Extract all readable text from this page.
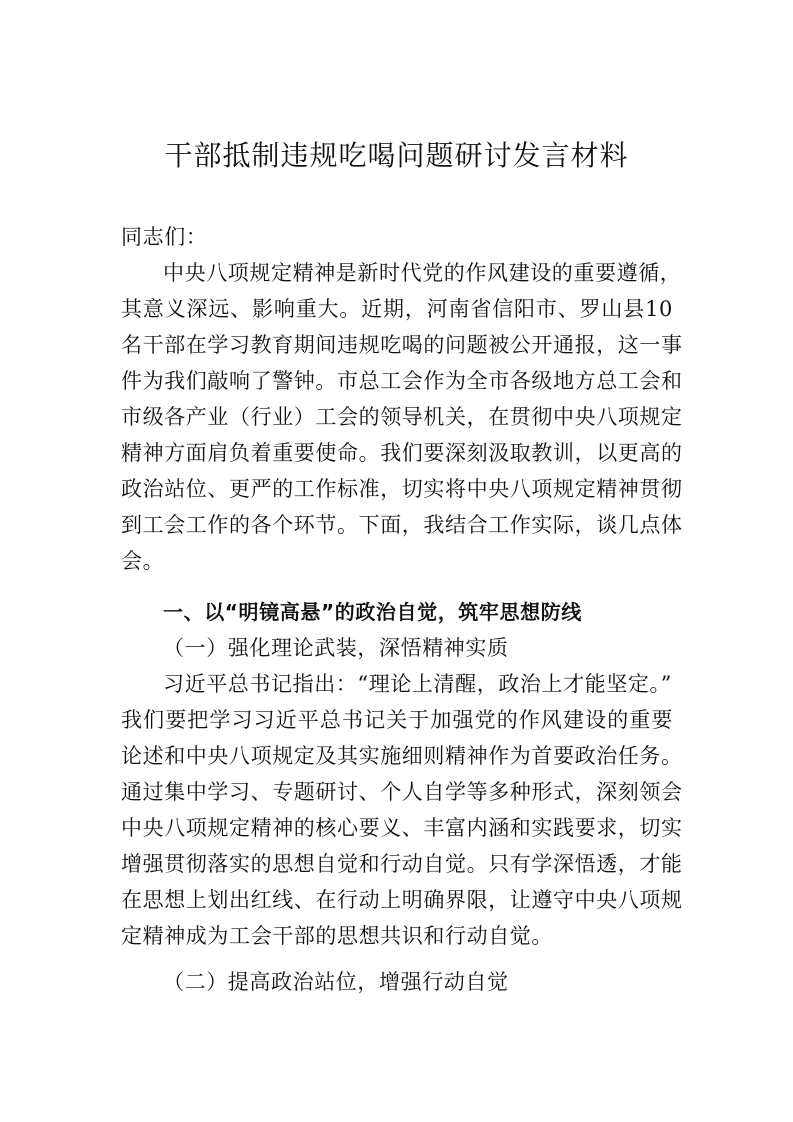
干部抵制违规吃喝问题研讨发言材料
同志们：
中央八项规定精神是新时代党的作风建设的重要遵循，
其意义深远、影响重大。近期，河南省信阳市、罗山县10
名干部在学习教育期间违规吃喝的问题被公开通报，这一事
件为我们敲响了警钟。市总工会作为全市各级地方总工会和
市级各产业（行业）工会的领导机关，在贯彻中央八项规定
精神方面肩负着重要使命。我们要深刻汲取教训，以更高的
政治站位、更严的工作标准，切实将中央八项规定精神贯彻
到工会工作的各个环节。下面，我结合工作实际，谈几点体
会。
一、以“明镜高悬”的政治自觉，筑牢思想防线
（一）强化理论武装，深悟精神实质
习近平总书记指出：“理论上清醒，政治上才能坚定。”
我们要把学习习近平总书记关于加强党的作风建设的重要
论述和中央八项规定及其实施细则精神作为首要政治任务。
通过集中学习、专题研讨、个人自学等多种形式，深刻领会
中央八项规定精神的核心要义、丰富内涵和实践要求，切实
增强贯彻落实的思想自觉和行动自觉。只有学深悟透，才能
在思想上划出红线、在行动上明确界限，让遵守中央八项规
定精神成为工会干部的思想共识和行动自觉。
（二）提高政治站位，增强行动自觉
